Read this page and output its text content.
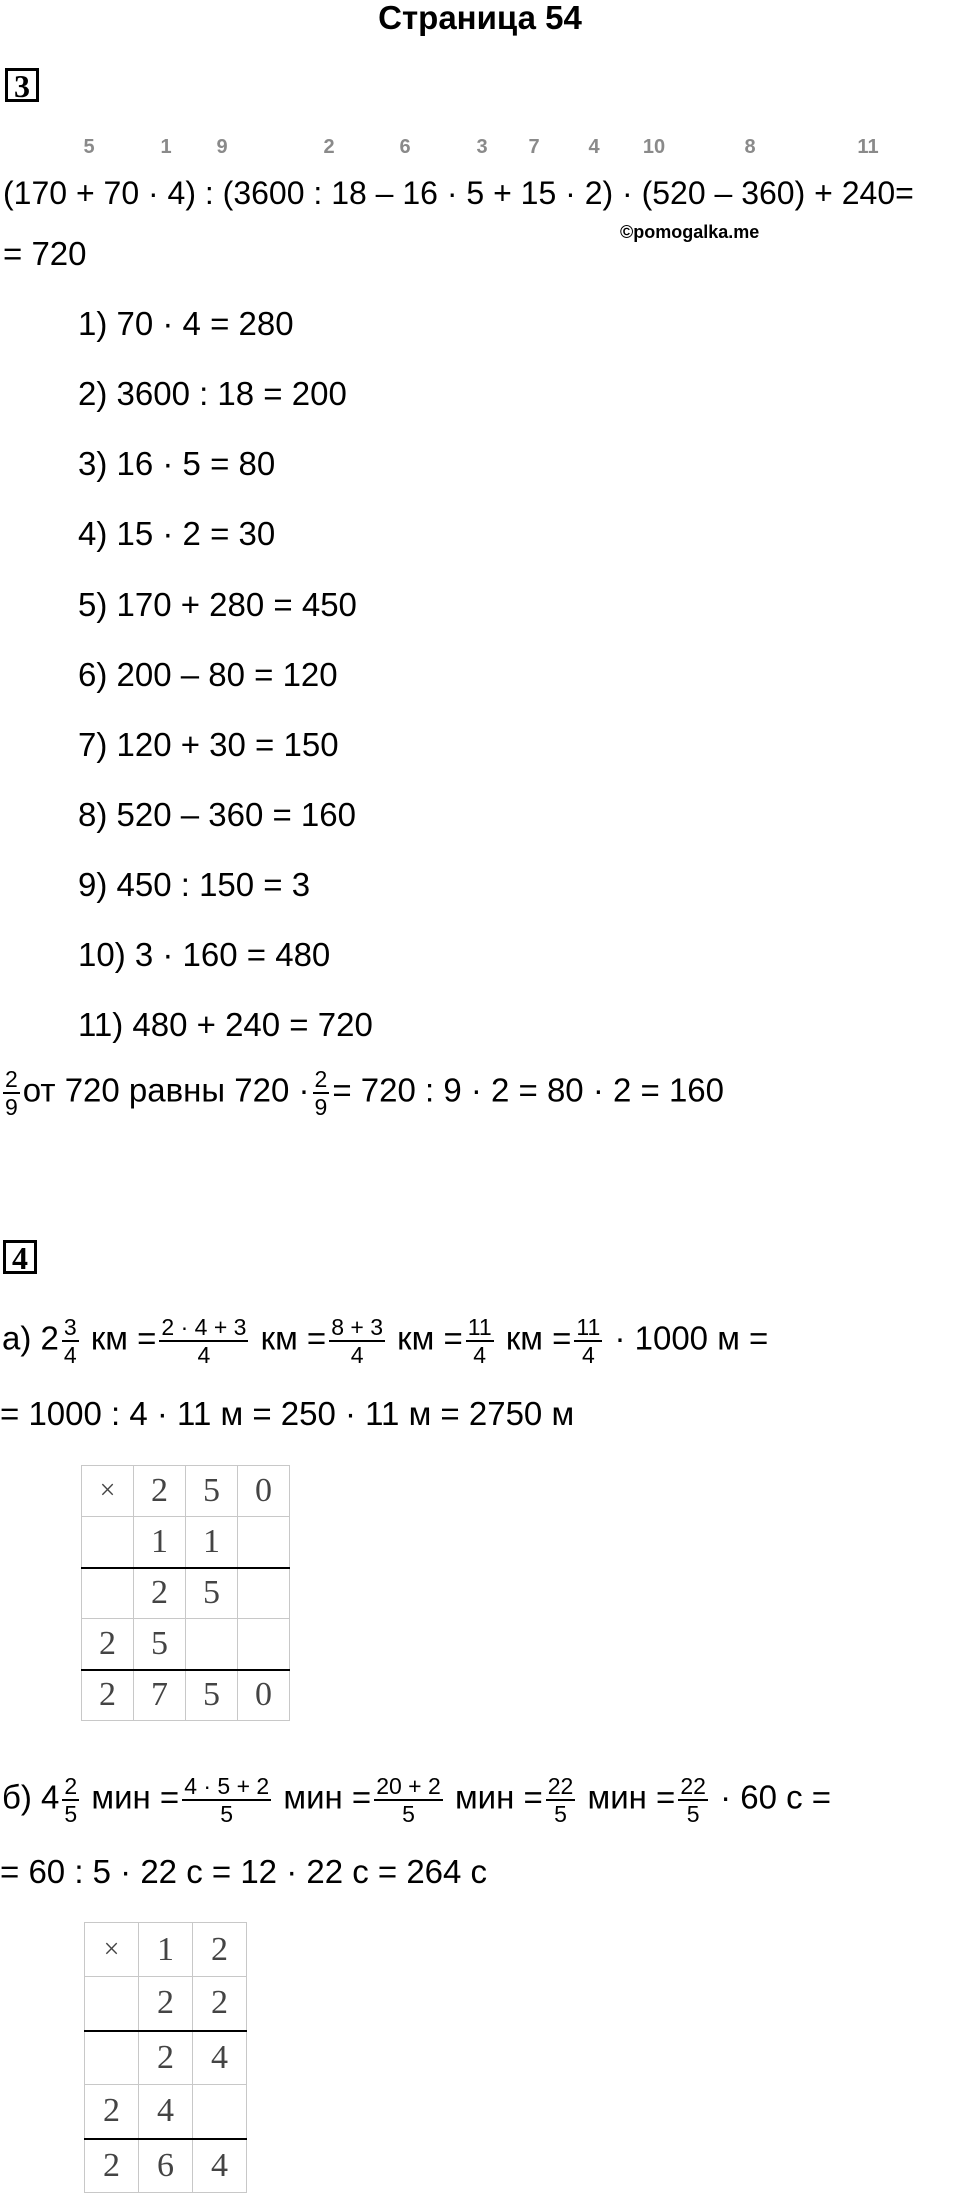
Страница 54
3
5	1	9	2	6	3	7	4	10	8	11
(170 + 70 · 4) : (3600 : 18 – 16 · 5 + 15 · 2) · (520 – 360) + 240=
©pomogalka.me
= 720
1) 70 · 4 = 280
2) 3600 : 18 = 200
3) 16 · 5 = 80
4) 15 · 2 = 30
5) 170 + 280 = 450
6) 200 – 80 = 120
7) 120 + 30 = 150
8) 520 – 360 = 160
9) 450 : 150 = 3
10) 3 · 160 = 480
11) 480 + 240 = 720
$\frac{2}{9}$ от 720 равны $720 \cdot \frac{2}{9} = 720$ : 9 · 2 = 80 · 2 = 160
4
а) $2 \frac{3}{4}$ км = $\frac{2 \cdot 4 + 3}{4}$ км = $\frac{8 + 3}{4}$ км = $\frac{11}{4}$ км = $\frac{11}{4} \cdot 1000$ м =
= 1000 : 4 · 11 м = 250 · 11 м = 2750 м
×	2	5	0
	1	1	
	2	5	
2	5		
2	7	5	0
б) $4 \frac{2}{5}$ мин = $\frac{4 \cdot 5 + 2}{5}$ мин = $\frac{20 + 2}{5}$ мин = $\frac{22}{5}$ мин = $\frac{22}{5} \cdot 60$ с =
= 60 : 5 · 22 с = 12 · 22 с = 264 с
×	1	2
	2	2
	2	4
2	4	
2	6	4
